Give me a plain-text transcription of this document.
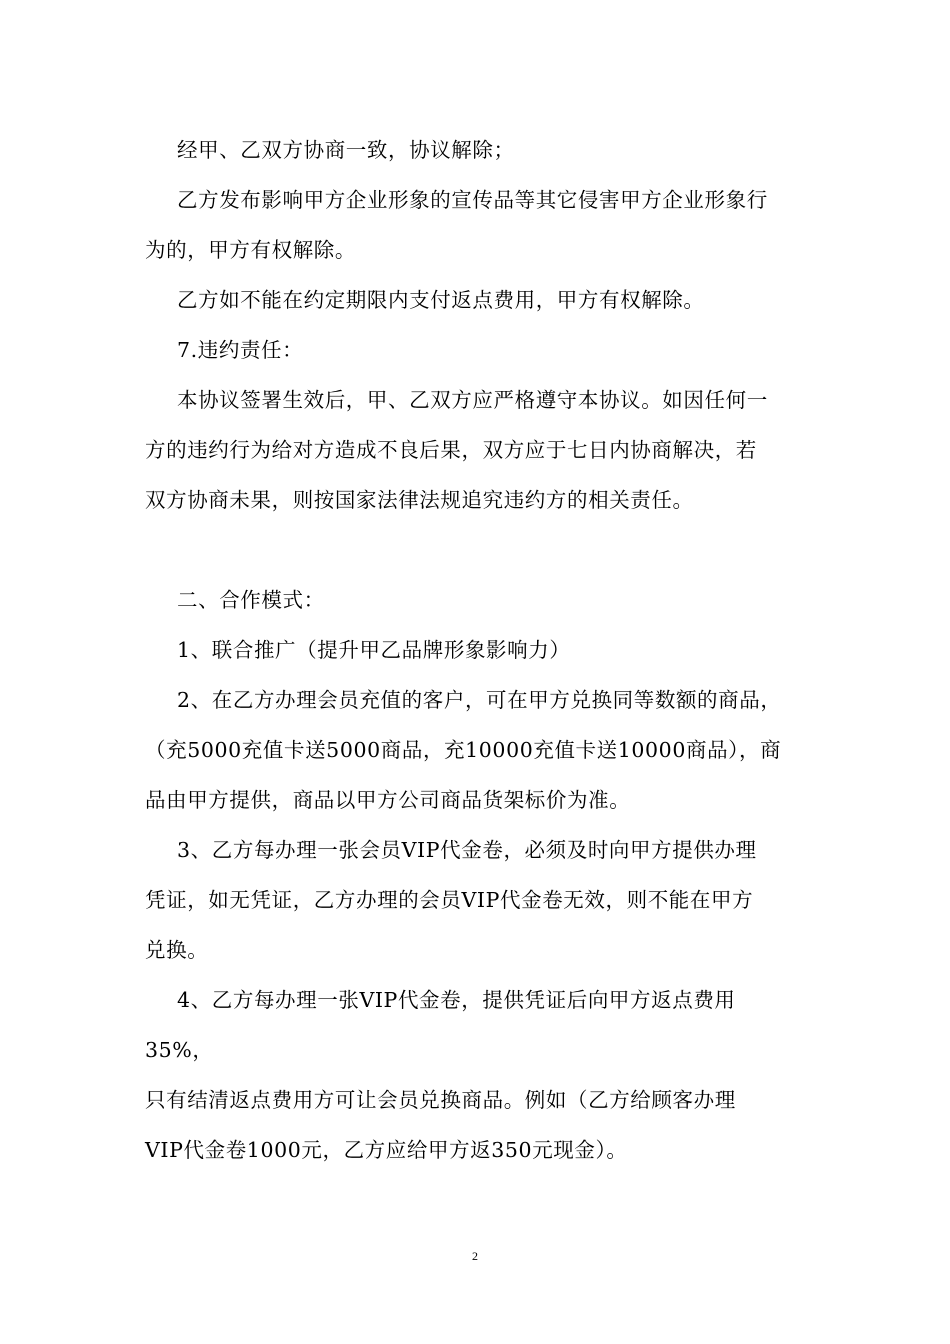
经甲、乙双方协商一致，协议解除；
乙方发布影响甲方企业形象的宣传品等其它侵害甲方企业形象行
为的，甲方有权解除。
乙方如不能在约定期限内支付返点费用，甲方有权解除。
7.违约责任：
本协议签署生效后，甲、乙双方应严格遵守本协议。如因任何一
方的违约行为给对方造成不良后果，双方应于七日内协商解决，若
双方协商未果，则按国家法律法规追究违约方的相关责任。
二、合作模式：
1、联合推广（提升甲乙品牌形象影响力）
2、在乙方办理会员充值的客户，可在甲方兑换同等数额的商品，
（充5000充值卡送5000商品，充10000充值卡送10000商品），商
品由甲方提供，商品以甲方公司商品货架标价为准。
3、乙方每办理一张会员VIP代金卷，必须及时向甲方提供办理
凭证，如无凭证，乙方办理的会员VIP代金卷无效，则不能在甲方
兑换。
4、乙方每办理一张VIP代金卷，提供凭证后向甲方返点费用
35%，
只有结清返点费用方可让会员兑换商品。例如（乙方给顾客办理
VIP代金卷1000元，乙方应给甲方返350元现金）。
2
